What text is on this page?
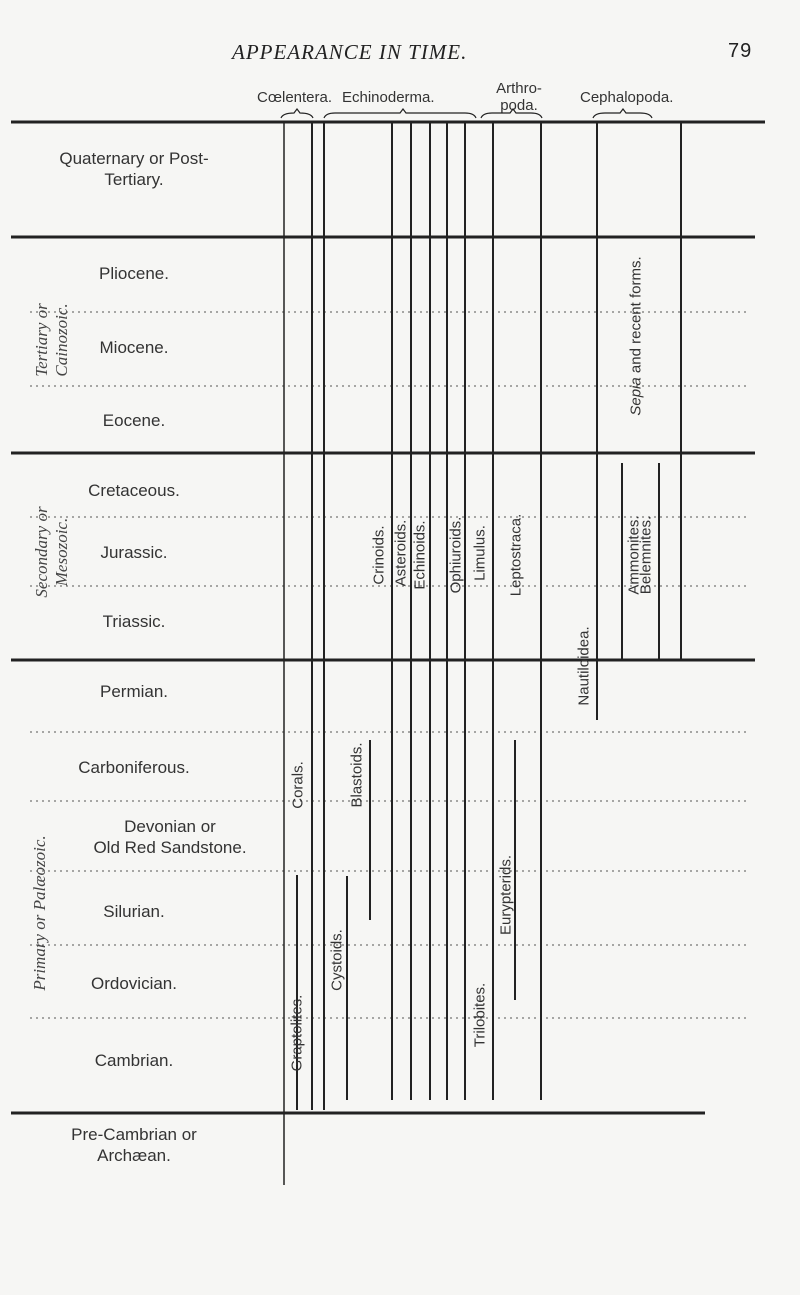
APPEARANCE IN TIME.	79
Cœlentera. Echinoderma.
Arthro-
poda.	Cephalopoda.
Quaternary or Post-
Tertiary.
Pliocene.
Miocene.
Eocene.
Cretaceous.
Jurassic.
Triassic.
Permian.
Carboniferous.
Devonian or
Old Red Sandstone.
Silurian.
Ordovician.
Cambrian.
Pre-Cambrian or
Archæan.
Tertiary or Cainozoic.
Secondary or Mesozoic.
Primary or Palæozoic.
Corals.
Graptolites.
Blastoids.
Cystoids.
Crinoids. Asteroids. Echinoids. Ophiuroids.
Trilobites.
Limulus.
Eurypterids.
Leptostraca.
Nautiloidea.
Ammonites.
Belemnites.
Sepia and recent forms.
